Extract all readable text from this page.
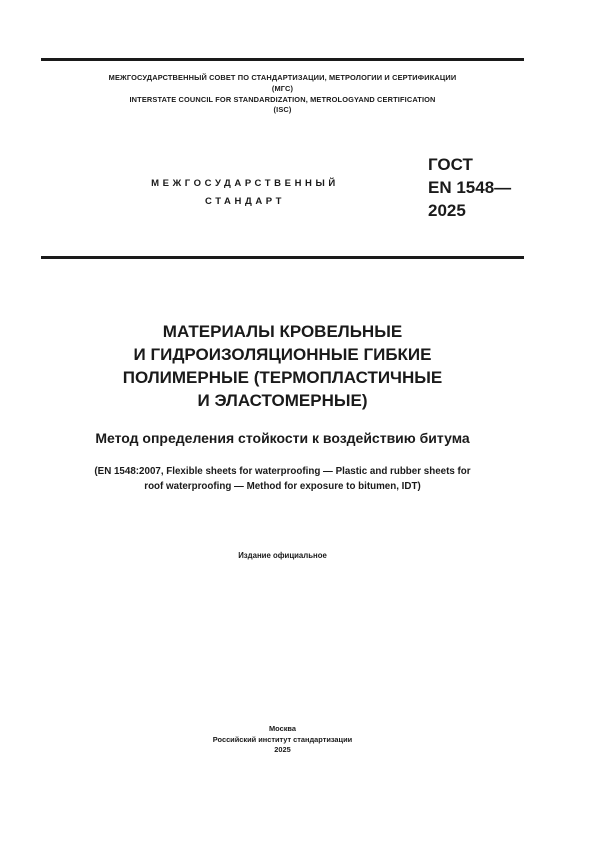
МЕЖГОСУДАРСТВЕННЫЙ СОВЕТ ПО СТАНДАРТИЗАЦИИ, МЕТРОЛОГИИ И СЕРТИФИКАЦИИ
(МГС)
INTERSTATE COUNCIL FOR STANDARDIZATION, METROLOGYAND CERTIFICATION
(ISC)
МЕЖГОСУДАРСТВЕННЫЙ
СТАНДАРТ
ГОСТ
EN 1548—
2025
МАТЕРИАЛЫ КРОВЕЛЬНЫЕ
И ГИДРОИЗОЛЯЦИОННЫЕ ГИБКИЕ
ПОЛИМЕРНЫЕ (ТЕРМОПЛАСТИЧНЫЕ
И ЭЛАСТОМЕРНЫЕ)
Метод определения стойкости к воздействию битума
(EN 1548:2007, Flexible sheets for waterproofing — Plastic and rubber sheets for
roof waterproofing — Method for exposure to bitumen, IDT)
Издание официальное
Москва
Российский институт стандартизации
2025
